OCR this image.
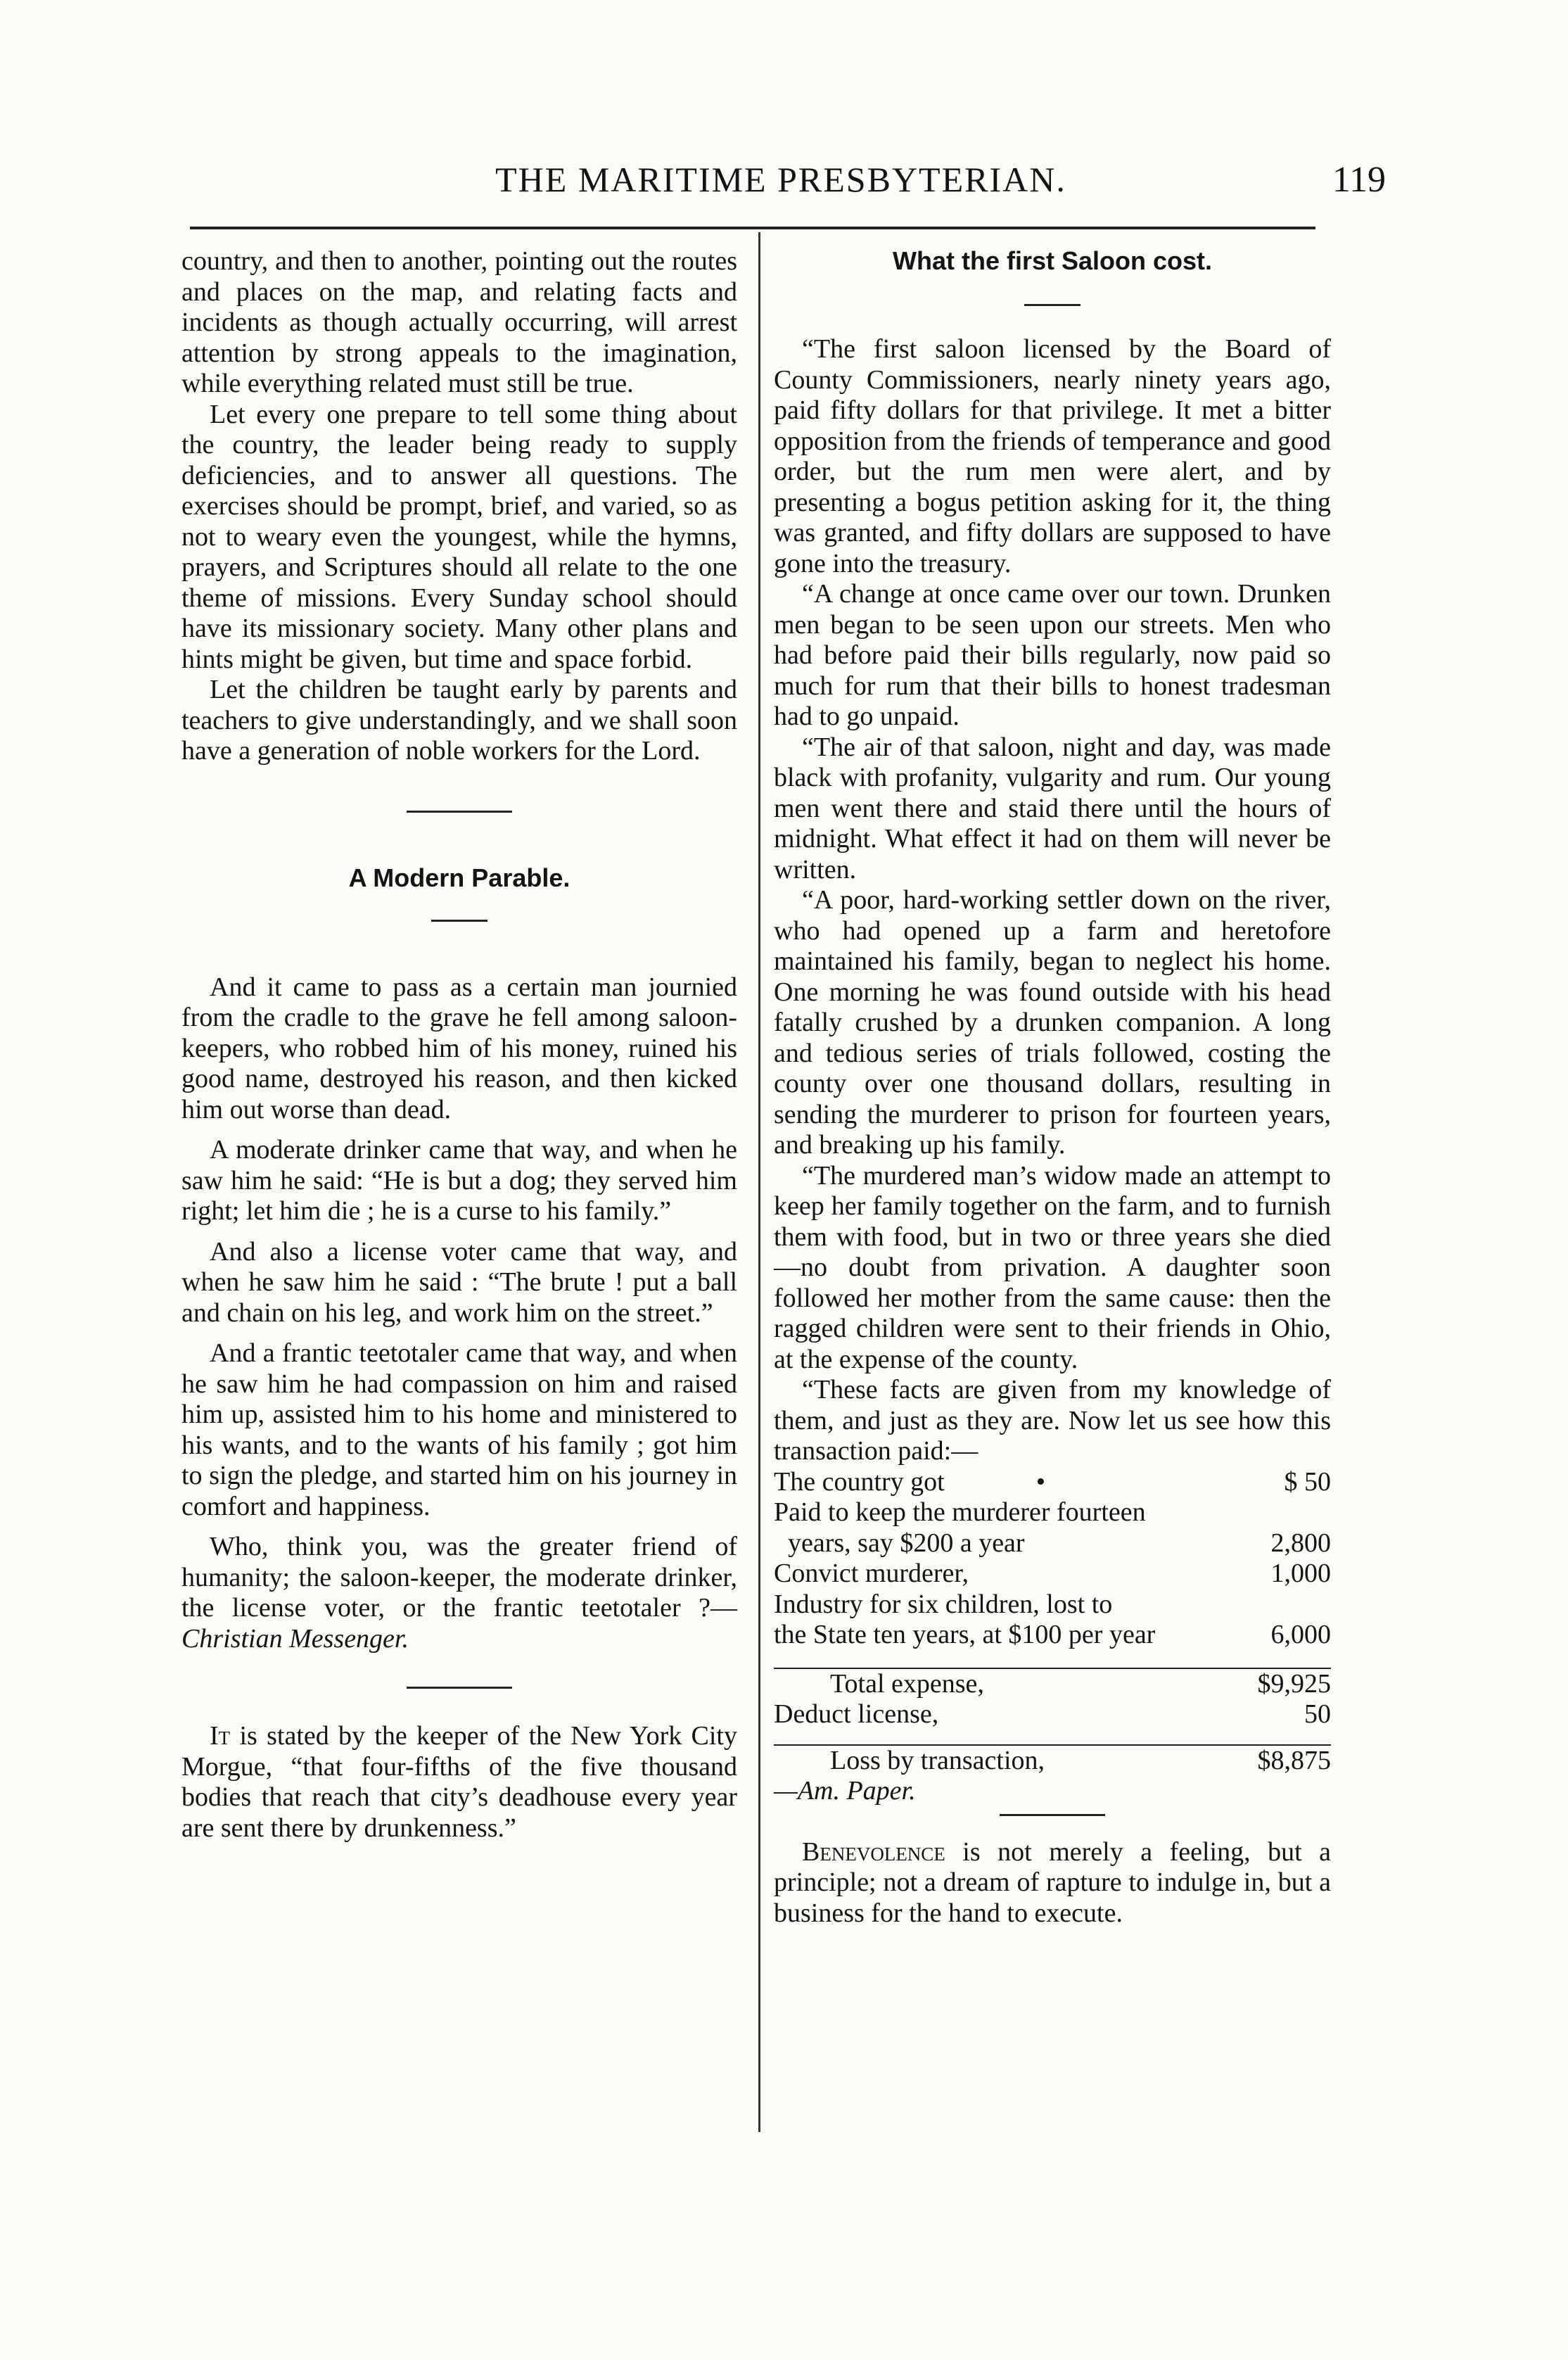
THE MARITIME PRESBYTERIAN.	119

country, and then to another, pointing out the routes and places on the map, and relating facts and incidents as though actually occurring, will arrest attention by strong appeals to the imagination, while everything related must still be true.

Let every one prepare to tell some thing about the country, the leader being ready to supply deficiencies, and to answer all questions. The exercises should be prompt, brief, and varied, so as not to weary even the youngest, while the hymns, prayers, and Scriptures should all relate to the one theme of missions. Every Sunday school should have its missionary society. Many other plans and hints might be given, but time and space forbid.

Let the children be taught early by parents and teachers to give understandingly, and we shall soon have a generation of noble workers for the Lord.

A Modern Parable.

And it came to pass as a certain man journied from the cradle to the grave he fell among saloon-keepers, who robbed him of his money, ruined his good name, destroyed his reason, and then kicked him out worse than dead.

A moderate drinker came that way, and when he saw him he said: “He is but a dog; they served him right; let him die ; he is a curse to his family.”

And also a license voter came that way, and when he saw him he said : “The brute ! put a ball and chain on his leg, and work him on the street.”

And a frantic teetotaler came that way, and when he saw him he had compassion on him and raised him up, assisted him to his home and ministered to his wants, and to the wants of his family ; got him to sign the pledge, and started him on his journey in comfort and happiness.

Who, think you, was the greater friend of humanity; the saloon-keeper, the moderate drinker, the license voter, or the frantic teetotaler ?—Christian Messenger.

It is stated by the keeper of the New York City Morgue, “that four-fifths of the five thousand bodies that reach that city’s deadhouse every year are sent there by drunkenness.”

What the first Saloon cost.

“The first saloon licensed by the Board of County Commissioners, nearly ninety years ago, paid fifty dollars for that privilege. It met a bitter opposition from the friends of temperance and good order, but the rum men were alert, and by presenting a bogus petition asking for it, the thing was granted, and fifty dollars are supposed to have gone into the treasury.

“A change at once came over our town. Drunken men began to be seen upon our streets. Men who had before paid their bills regularly, now paid so much for rum that their bills to honest tradesman had to go unpaid.

“The air of that saloon, night and day, was made black with profanity, vulgarity and rum. Our young men went there and staid there until the hours of midnight. What effect it had on them will never be written.

“A poor, hard-working settler down on the river, who had opened up a farm and heretofore maintained his family, began to neglect his home. One morning he was found outside with his head fatally crushed by a drunken companion. A long and tedious series of trials followed, costing the county over one thousand dollars, resulting in sending the murderer to prison for fourteen years, and breaking up his family.

“The murdered man’s widow made an attempt to keep her family together on the farm, and to furnish them with food, but in two or three years she died—no doubt from privation. A daughter soon followed her mother from the same cause: then the ragged children were sent to their friends in Ohio, at the expense of the county.

“These facts are given from my knowledge of them, and just as they are. Now let us see how this transaction paid:—

The country got •	$ 50
Paid to keep the murderer fourteen	
years, say $200 a year	2,800
Convict murderer,	1,000
Industry for six children, lost to	
the State ten years, at $100 per year	6,000

Total expense,	$9,925
Deduct license,	50

Loss by transaction,	$8,875

—Am. Paper.

Benevolence is not merely a feeling, but a principle; not a dream of rapture to indulge in, but a business for the hand to execute.
